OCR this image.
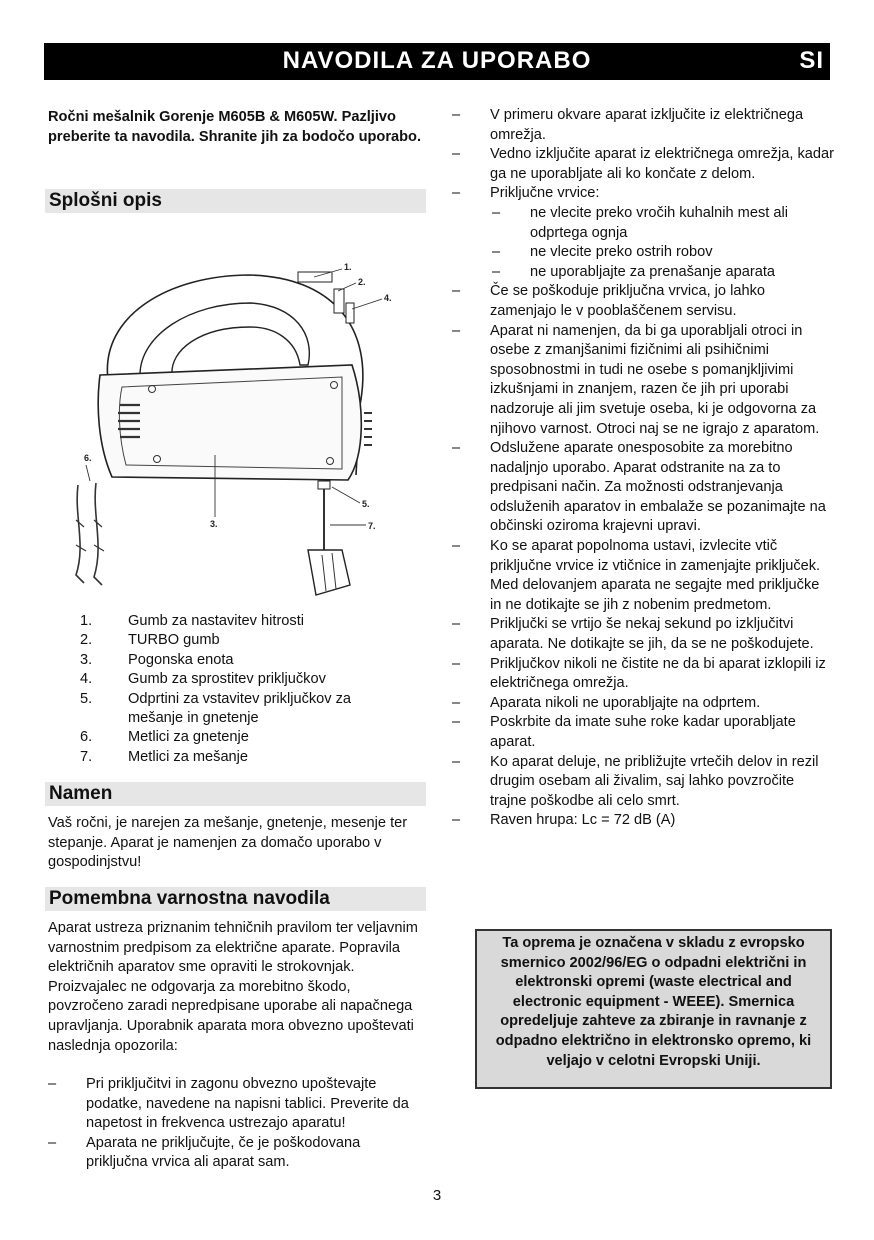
NAVODILA ZA UPORABO	SI
Ročni mešalnik Gorenje M605B & M605W. Pazljivo preberite ta navodila. Shranite jih za bodočo uporabo.
Splošni opis
1.
2.
3.
4.
5.
6.
7.
1.	Gumb za nastavitev hitrosti
2.	TURBO gumb
3.	Pogonska enota
4.	Gumb za sprostitev priključkov
5.	Odprtini za vstavitev priključkov za mešanje in gnetenje
6.	Metlici za gnetenje
7.	Metlici za mešanje
Namen
Vaš ročni, je narejen za mešanje, gnetenje, mesenje ter stepanje. Aparat je namenjen za domačo uporabo v gospodinjstvu!
Pomembna varnostna navodila
Aparat ustreza priznanim tehničnih pravilom ter veljavnim varnostnim predpisom za električne aparate. Popravila električnih aparatov sme opraviti le strokovnjak.
Proizvajalec ne odgovarja za morebitno škodo, povzročeno zaradi nepredpisane uporabe ali napačnega upravljanja. Uporabnik aparata mora obvezno upoštevati naslednja opozorila:
– Pri priključitvi in zagonu obvezno upoštevajte podatke, navedene na napisni tablici. Preverite da napetost in frekvenca ustrezajo aparatu!
– Aparata ne priključujte, če je poškodovana priključna vrvica ali aparat sam.
– V primeru okvare aparat izključite iz električnega omrežja.
– Vedno izključite aparat iz električnega omrežja, kadar ga ne uporabljate ali ko končate z delom.
– Priključne vrvice:
– ne vlecite preko vročih kuhalnih mest ali odprtega ognja
– ne vlecite preko ostrih robov
– ne uporabljajte za prenašanje aparata
– Če se poškoduje priključna vrvica, jo lahko zamenjajo le v pooblaščenem servisu.
– Aparat ni namenjen, da bi ga uporabljali otroci in osebe z zmanjšanimi fizičnimi ali psihičnimi sposobnostmi in tudi ne osebe s pomanjkljivimi izkušnjami in znanjem, razen če jih pri uporabi nadzoruje ali jim svetuje oseba, ki je odgovorna za njihovo varnost. Otroci naj se ne igrajo z aparatom.
– Odslužene aparate onesposobite za morebitno nadaljnjo uporabo. Aparat odstranite na za to predpisani način. Za možnosti odstranjevanja odsluženih aparatov in embalaže se pozanimajte na občinski oziroma krajevni upravi.
– Ko se aparat popolnoma ustavi, izvlecite vtič priključne vrvice iz vtičnice in zamenjajte priključek. Med delovanjem aparata ne segajte med priključke in ne dotikajte se jih z nobenim predmetom.
– Priključki se vrtijo še nekaj sekund po izključitvi aparata. Ne dotikajte se jih, da se ne poškodujete.
– Priključkov nikoli ne čistite ne da bi aparat izklopili iz električnega omrežja.
– Aparata nikoli ne uporabljajte na odprtem.
– Poskrbite da imate suhe roke kadar uporabljate aparat.
– Ko aparat deluje, ne približujte vrtečih delov in rezil drugim osebam ali živalim, saj lahko povzročite trajne poškodbe ali celo smrt.
– Raven hrupa: Lc = 72 dB (A)
Ta oprema je označena v skladu z evropsko smernico 2002/96/EG o odpadni električni in elektronski opremi (waste electrical and electronic equipment - WEEE). Smernica opredeljuje zahteve za zbiranje in ravnanje z odpadno električno in elektronsko opremo, ki veljajo v celotni Evropski Uniji.
3
